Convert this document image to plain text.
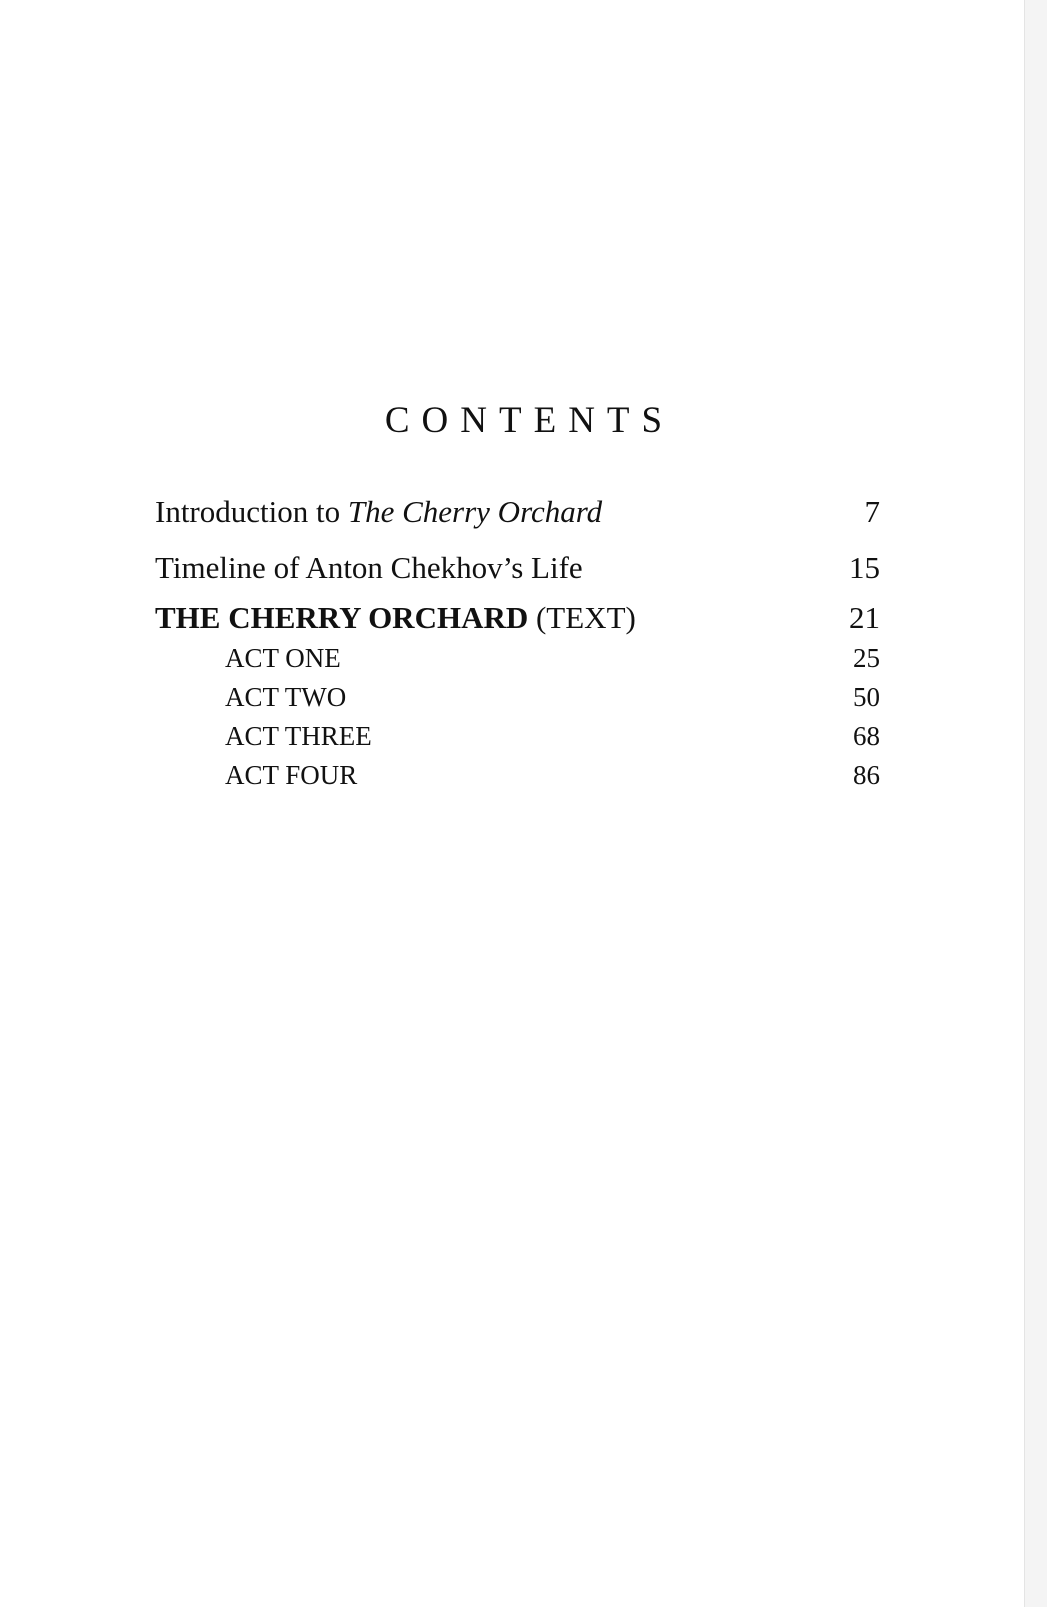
CONTENTS
Introduction to The Cherry Orchard	7
Timeline of Anton Chekhov’s Life	15
THE CHERRY ORCHARD (TEXT)	21
ACT ONE	25
ACT TWO	50
ACT THREE	68
ACT FOUR	86
